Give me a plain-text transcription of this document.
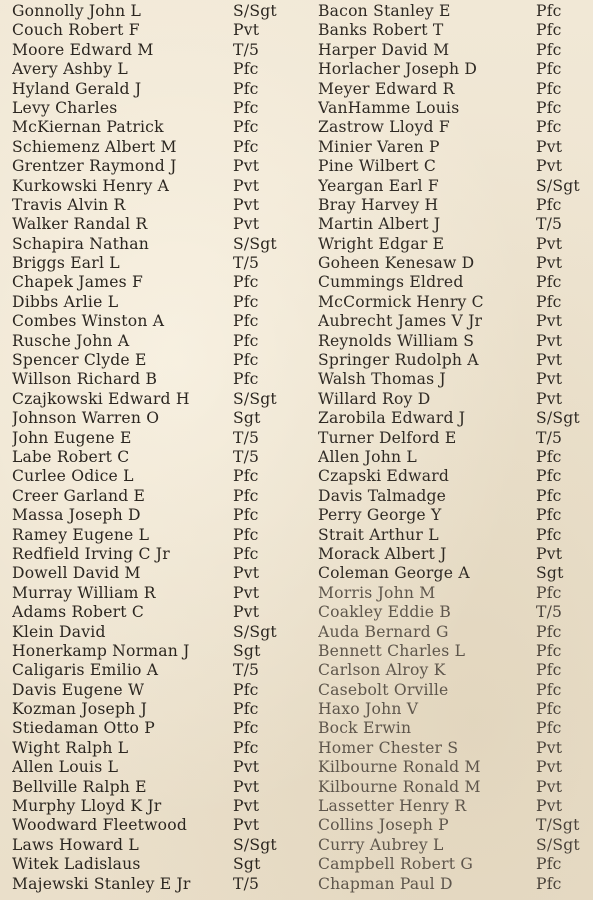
Gonnolly John L	S/Sgt	Bacon Stanley E	Pfc
Couch Robert F	Pvt	Banks Robert T	Pfc
Moore Edward M	T/5	Harper David M	Pfc
Avery Ashby L	Pfc	Horlacher Joseph D	Pfc
Hyland Gerald J	Pfc	Meyer Edward R	Pfc
Levy Charles	Pfc	VanHamme Louis	Pfc
McKiernan Patrick	Pfc	Zastrow Lloyd F	Pfc
Schiemenz Albert M	Pfc	Minier Varen P	Pvt
Grentzer Raymond J	Pvt	Pine Wilbert C	Pvt
Kurkowski Henry A	Pvt	Yeargan Earl F	S/Sgt
Travis Alvin R	Pvt	Bray Harvey H	Pfc
Walker Randal R	Pvt	Martin Albert J	T/5
Schapira Nathan	S/Sgt	Wright Edgar E	Pvt
Briggs Earl L	T/5	Goheen Kenesaw D	Pvt
Chapek James F	Pfc	Cummings Eldred	Pfc
Dibbs Arlie L	Pfc	McCormick Henry C	Pfc
Combes Winston A	Pfc	Aubrecht James V Jr	Pvt
Rusche John A	Pfc	Reynolds William S	Pvt
Spencer Clyde E	Pfc	Springer Rudolph A	Pvt
Willson Richard B	Pfc	Walsh Thomas J	Pvt
Czajkowski Edward H	S/Sgt	Willard Roy D	Pvt
Johnson Warren O	Sgt	Zarobila Edward J	S/Sgt
John Eugene E	T/5	Turner Delford E	T/5
Labe Robert C	T/5	Allen John L	Pfc
Curlee Odice L	Pfc	Czapski Edward	Pfc
Creer Garland E	Pfc	Davis Talmadge	Pfc
Massa Joseph D	Pfc	Perry George Y	Pfc
Ramey Eugene L	Pfc	Strait Arthur L	Pfc
Redfield Irving C Jr	Pfc	Morack Albert J	Pvt
Dowell David M	Pvt	Coleman George A	Sgt
Murray William R	Pvt	Morris John M	Pfc
Adams Robert C	Pvt	Coakley Eddie B	T/5
Klein David	S/Sgt	Auda Bernard G	Pfc
Honerkamp Norman J	Sgt	Bennett Charles L	Pfc
Caligaris Emilio A	T/5	Carlson Alroy K	Pfc
Davis Eugene W	Pfc	Casebolt Orville	Pfc
Kozman Joseph J	Pfc	Haxo John V	Pfc
Stiedaman Otto P	Pfc	Bock Erwin	Pfc
Wight Ralph L	Pfc	Homer Chester S	Pvt
Allen Louis L	Pvt	Kilbourne Ronald M	Pvt
Bellville Ralph E	Pvt	Kilbourne Ronald M	Pvt
Murphy Lloyd K Jr	Pvt	Lassetter Henry R	Pvt
Woodward Fleetwood	Pvt	Collins Joseph P	T/Sgt
Laws Howard L	S/Sgt	Curry Aubrey L	S/Sgt
Witek Ladislaus	Sgt	Campbell Robert G	Pfc
Majewski Stanley E Jr	T/5	Chapman Paul D	Pfc
